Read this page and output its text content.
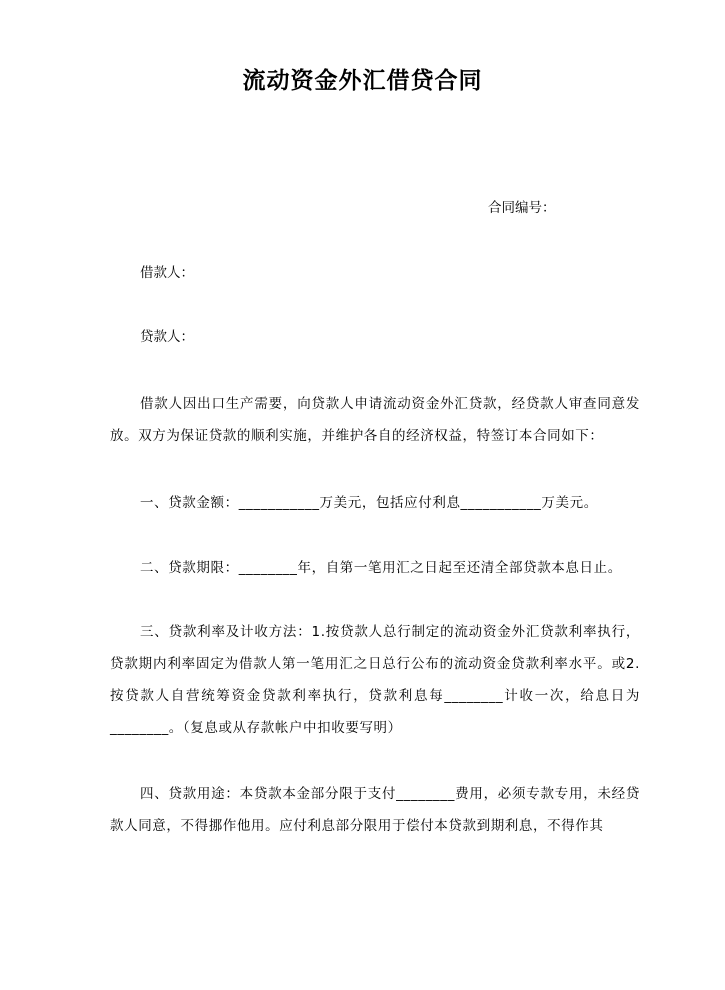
流动资金外汇借贷合同
合同编号：
借款人：
贷款人：
借款人因出口生产需要，向贷款人申请流动资金外汇贷款，经贷款人审查同意发放。双方为保证贷款的顺利实施，并维护各自的经济权益，特签订本合同如下：
一、贷款金额：___________万美元，包括应付利息___________万美元。
二、贷款期限：________年，自第一笔用汇之日起至还清全部贷款本息日止。
三、贷款利率及计收方法：1.按贷款人总行制定的流动资金外汇贷款利率执行，贷款期内利率固定为借款人第一笔用汇之日总行公布的流动资金贷款利率水平。或2.按贷款人自营统筹资金贷款利率执行，贷款利息每________计收一次，给息日为________。（复息或从存款帐户中扣收要写明）
四、贷款用途：本贷款本金部分限于支付________费用，必须专款专用，未经贷款人同意，不得挪作他用。应付利息部分限用于偿付本贷款到期利息，不得作其
